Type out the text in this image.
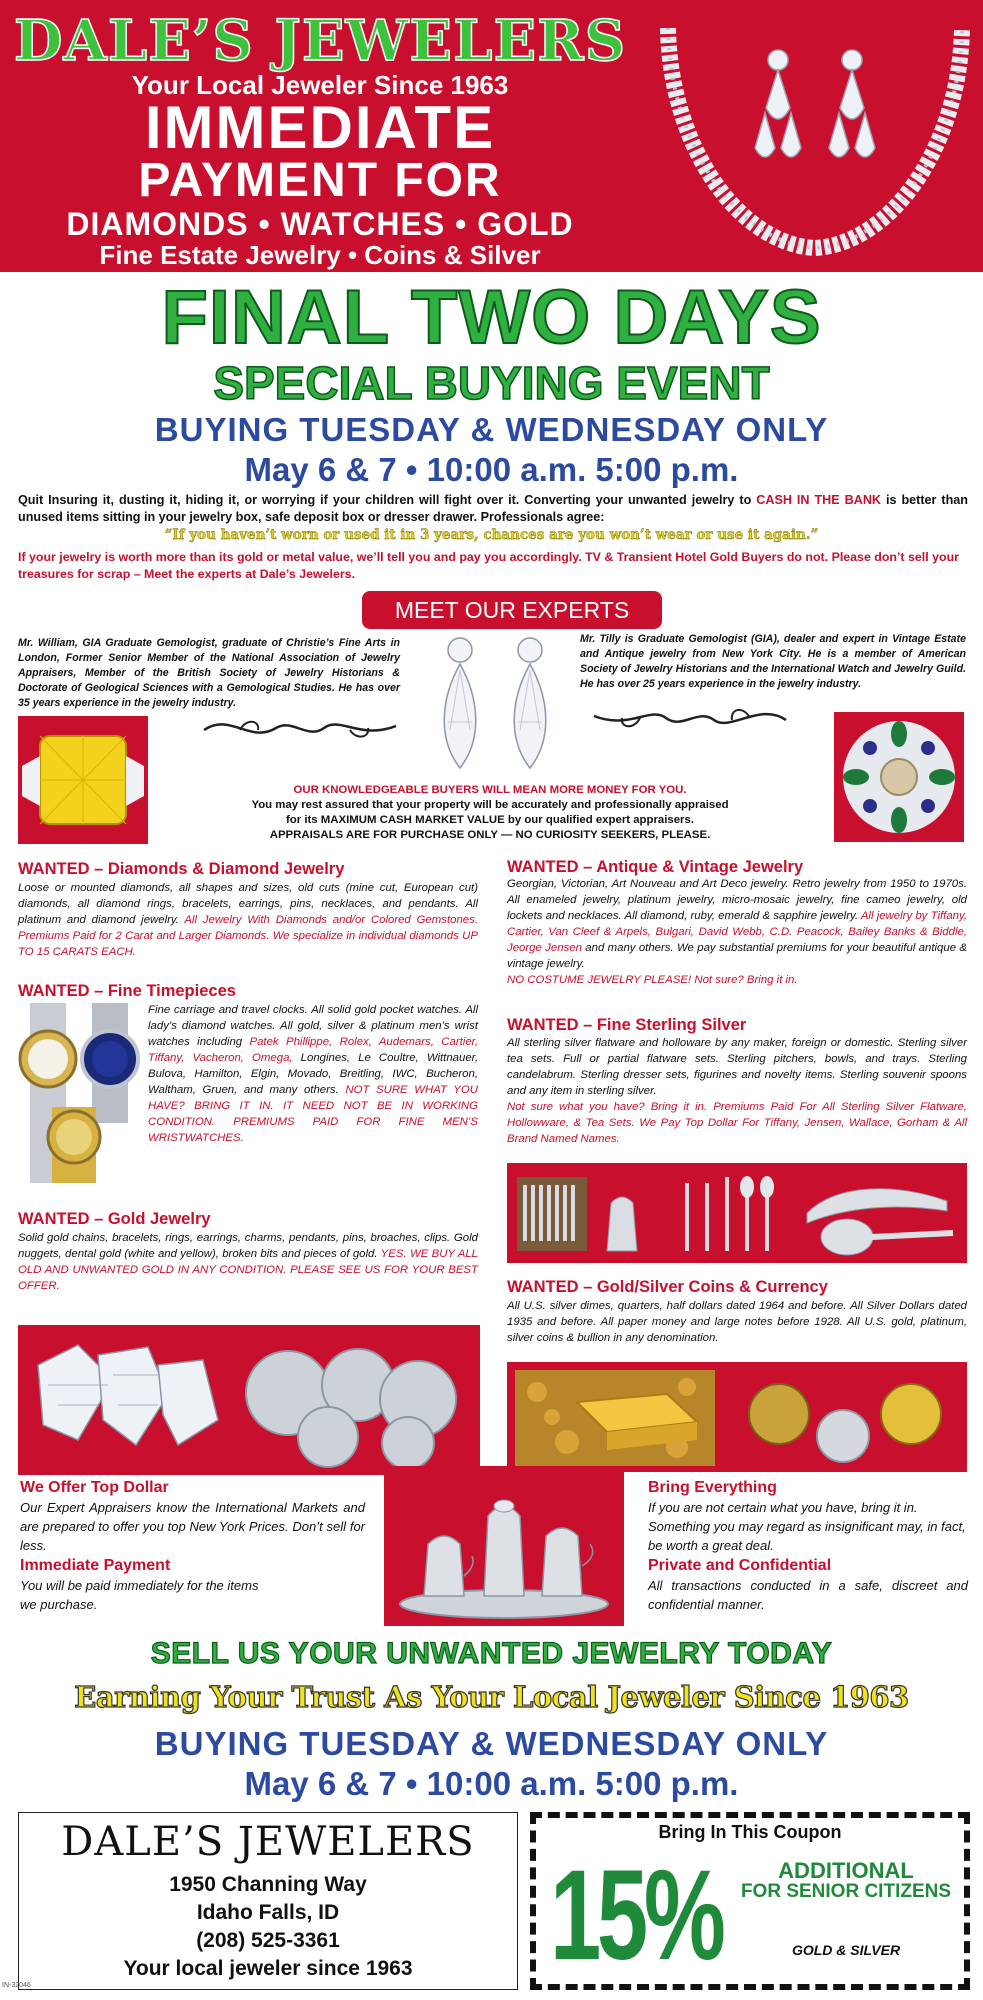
DALE’S JEWELERS
Your Local Jeweler Since 1963
IMMEDIATE
PAYMENT FOR
DIAMONDS • WATCHES • GOLD
Fine Estate Jewelry • Coins & Silver
FINAL TWO DAYS
SPECIAL BUYING EVENT
BUYING TUESDAY & WEDNESDAY ONLY
May 6 & 7 • 10:00 a.m. 5:00 p.m.
Quit Insuring it, dusting it, hiding it, or worrying if your children will fight over it. Converting your unwanted jewelry to CASH IN THE BANK is better than unused items sitting in your jewelry box, safe deposit box or dresser drawer. Professionals agree:
“If you haven’t worn or used it in 3 years, chances are you won’t wear or use it again.”
If your jewelry is worth more than its gold or metal value, we’ll tell you and pay you accordingly. TV & Transient Hotel Gold Buyers do not. Please don’t sell your treasures for scrap – Meet the experts at Dale’s Jewelers.
MEET OUR EXPERTS
Mr. William, GIA Graduate Gemologist, graduate of Christie’s Fine Arts in London, Former Senior Member of the National Association of Jewelry Appraisers, Member of the British Society of Jewelry Historians & Doctorate of Geological Sciences with a Gemological Studies. He has over 35 years experience in the jewelry industry.
Mr. Tilly is Graduate Gemologist (GIA), dealer and expert in Vintage Estate and Antique jewelry from New York City. He is a member of American Society of Jewelry Historians and the International Watch and Jewelry Guild. He has over 25 years experience in the jewelry industry.
OUR KNOWLEDGEABLE BUYERS WILL MEAN MORE MONEY FOR YOU.
You may rest assured that your property will be accurately and professionally appraised
for its MAXIMUM CASH MARKET VALUE by our qualified expert appraisers.
APPRAISALS ARE FOR PURCHASE ONLY — NO CURIOSITY SEEKERS, PLEASE.
WANTED – Diamonds & Diamond Jewelry
Loose or mounted diamonds, all shapes and sizes, old cuts (mine cut, European cut) diamonds, all diamond rings, bracelets, earrings, pins, necklaces, and pendants. All platinum and diamond jewelry. All Jewelry With Diamonds and/or Colored Gemstones. Premiums Paid for 2 Carat and Larger Diamonds. We specialize in individual diamonds UP TO 15 CARATS EACH.
WANTED – Fine Timepieces
Fine carriage and travel clocks. All solid gold pocket watches. All lady’s diamond watches. All gold, silver & platinum men’s wrist watches including Patek Phillippe, Rolex, Audemars, Cartier, Tiffany, Vacheron, Omega, Longines, Le Coultre, Wittnauer, Bulova, Hamilton, Elgin, Movado, Breitling, IWC, Bucheron, Waltham, Gruen, and many others. NOT SURE WHAT YOU HAVE? BRING IT IN. IT NEED NOT BE IN WORKING CONDITION. PREMIUMS PAID FOR FINE MEN’S WRISTWATCHES.
WANTED – Gold Jewelry
Solid gold chains, bracelets, rings, earrings, charms, pendants, pins, broaches, clips. Gold nuggets, dental gold (white and yellow), broken bits and pieces of gold. YES. WE BUY ALL OLD AND UNWANTED GOLD IN ANY CONDITION. PLEASE SEE US FOR YOUR BEST OFFER.
WANTED – Antique & Vintage Jewelry
Georgian, Victorian, Art Nouveau and Art Deco jewelry. Retro jewelry from 1950 to 1970s. All enameled jewelry, platinum jewelry, micro-mosaic jewelry, fine cameo jewelry, old lockets and necklaces. All diamond, ruby, emerald & sapphire jewelry. All jewelry by Tiffany, Cartier, Van Cleef & Arpels, Bulgari, David Webb, C.D. Peacock, Bailey Banks & Biddle, Jeorge Jensen and many others. We pay substantial premiums for your beautiful antique & vintage jewelry.
NO COSTUME JEWELRY PLEASE! Not sure? Bring it in.
WANTED – Fine Sterling Silver
All sterling silver flatware and holloware by any maker, foreign or domestic. Sterling silver tea sets. Full or partial flatware sets. Sterling pitchers, bowls, and trays. Sterling candelabrum. Sterling dresser sets, figurines and novelty items. Sterling souvenir spoons and any item in sterling silver.
Not sure what you have? Bring it in. Premiums Paid For All Sterling Silver Flatware, Hollowware, & Tea Sets. We Pay Top Dollar For Tiffany, Jensen, Wallace, Gorham & All Brand Named Names.
WANTED – Gold/Silver Coins & Currency
All U.S. silver dimes, quarters, half dollars dated 1964 and before. All Silver Dollars dated 1935 and before. All paper money and large notes before 1928. All U.S. gold, platinum, silver coins & bullion in any denomination.
We Offer Top Dollar
Our Expert Appraisers know the International Markets and are prepared to offer you top New York Prices. Don’t sell for less.
Immediate Payment
You will be paid immediately for the items we purchase.
Bring Everything
If you are not certain what you have, bring it in. Something you may regard as insignificant may, in fact, be worth a great deal.
Private and Confidential
All transactions conducted in a safe, discreet and confidential manner.
SELL US YOUR UNWANTED JEWELRY TODAY
Earning Your Trust As Your Local Jeweler Since 1963
BUYING TUESDAY & WEDNESDAY ONLY
May 6 & 7 • 10:00 a.m. 5:00 p.m.
DALE’S JEWELERS
1950 Channing Way
Idaho Falls, ID
(208) 525-3361
Your local jeweler since 1963
IN-32046
Bring In This Coupon
15%	ADDITIONAL
FOR SENIOR CITIZENS
GOLD & SILVER
